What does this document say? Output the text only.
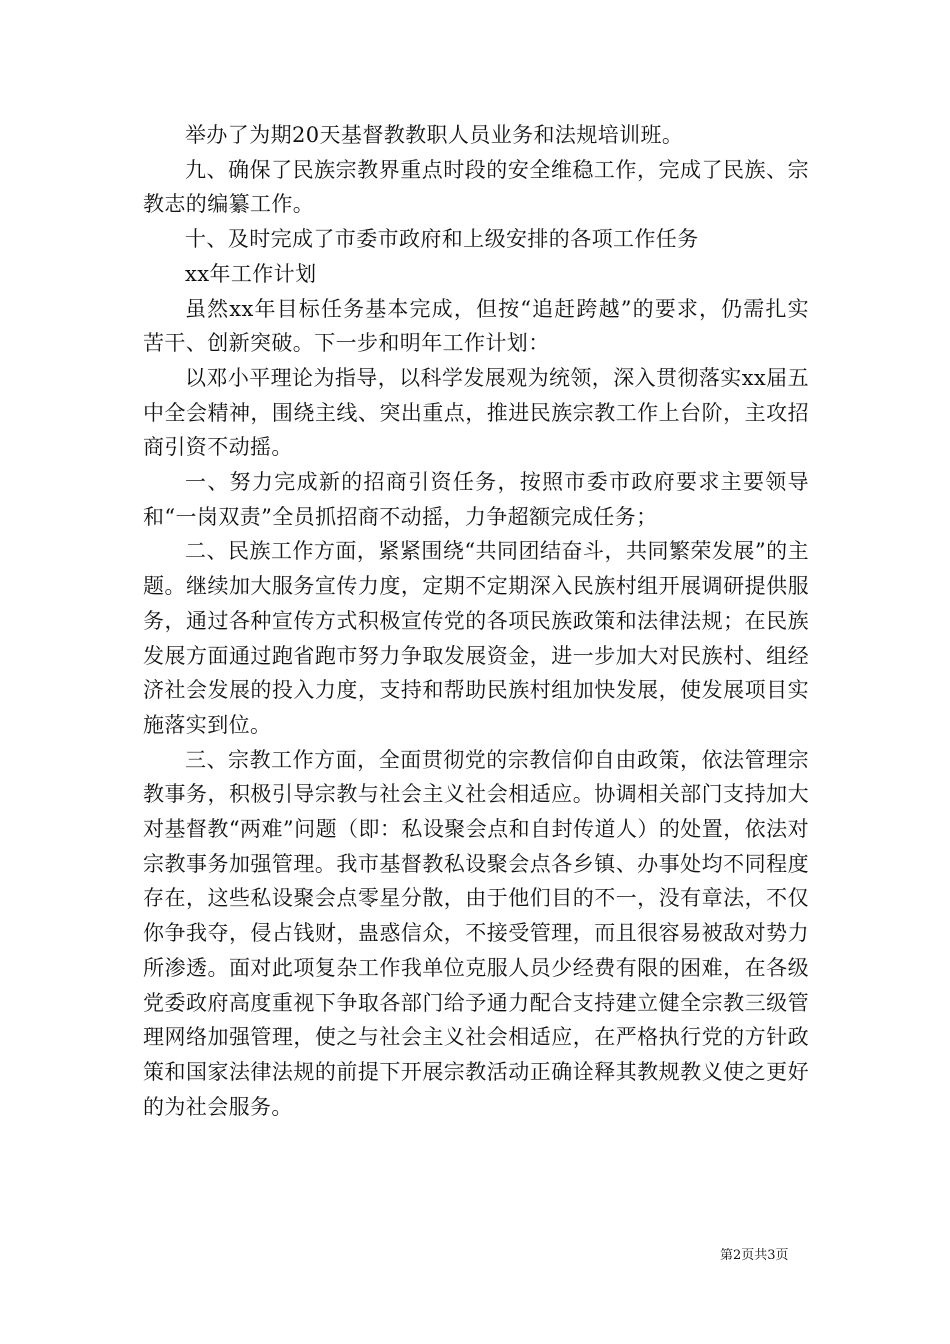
举办了为期20天基督教教职人员业务和法规培训班。

九、确保了民族宗教界重点时段的安全维稳工作，完成了民族、宗教志的编纂工作。

十、及时完成了市委市政府和上级安排的各项工作任务

xx年工作计划

虽然xx年目标任务基本完成，但按“追赶跨越”的要求，仍需扎实苦干、创新突破。下一步和明年工作计划：

以邓小平理论为指导，以科学发展观为统领，深入贯彻落实xx届五中全会精神，围绕主线、突出重点，推进民族宗教工作上台阶，主攻招商引资不动摇。

一、努力完成新的招商引资任务，按照市委市政府要求主要领导和“一岗双责”全员抓招商不动摇，力争超额完成任务；

二、民族工作方面，紧紧围绕“共同团结奋斗，共同繁荣发展”的主题。继续加大服务宣传力度，定期不定期深入民族村组开展调研提供服务，通过各种宣传方式积极宣传党的各项民族政策和法律法规；在民族发展方面通过跑省跑市努力争取发展资金，进一步加大对民族村、组经济社会发展的投入力度，支持和帮助民族村组加快发展，使发展项目实施落实到位。

三、宗教工作方面，全面贯彻党的宗教信仰自由政策，依法管理宗教事务，积极引导宗教与社会主义社会相适应。协调相关部门支持加大对基督教“两难”问题（即：私设聚会点和自封传道人）的处置，依法对宗教事务加强管理。我市基督教私设聚会点各乡镇、办事处均不同程度存在，这些私设聚会点零星分散，由于他们目的不一，没有章法，不仅你争我夺，侵占钱财，蛊惑信众，不接受管理，而且很容易被敌对势力所渗透。面对此项复杂工作我单位克服人员少经费有限的困难，在各级党委政府高度重视下争取各部门给予通力配合支持建立健全宗教三级管理网络加强管理，使之与社会主义社会相适应，在严格执行党的方针政策和国家法律法规的前提下开展宗教活动正确诠释其教规教义使之更好的为社会服务。

第2页共3页
